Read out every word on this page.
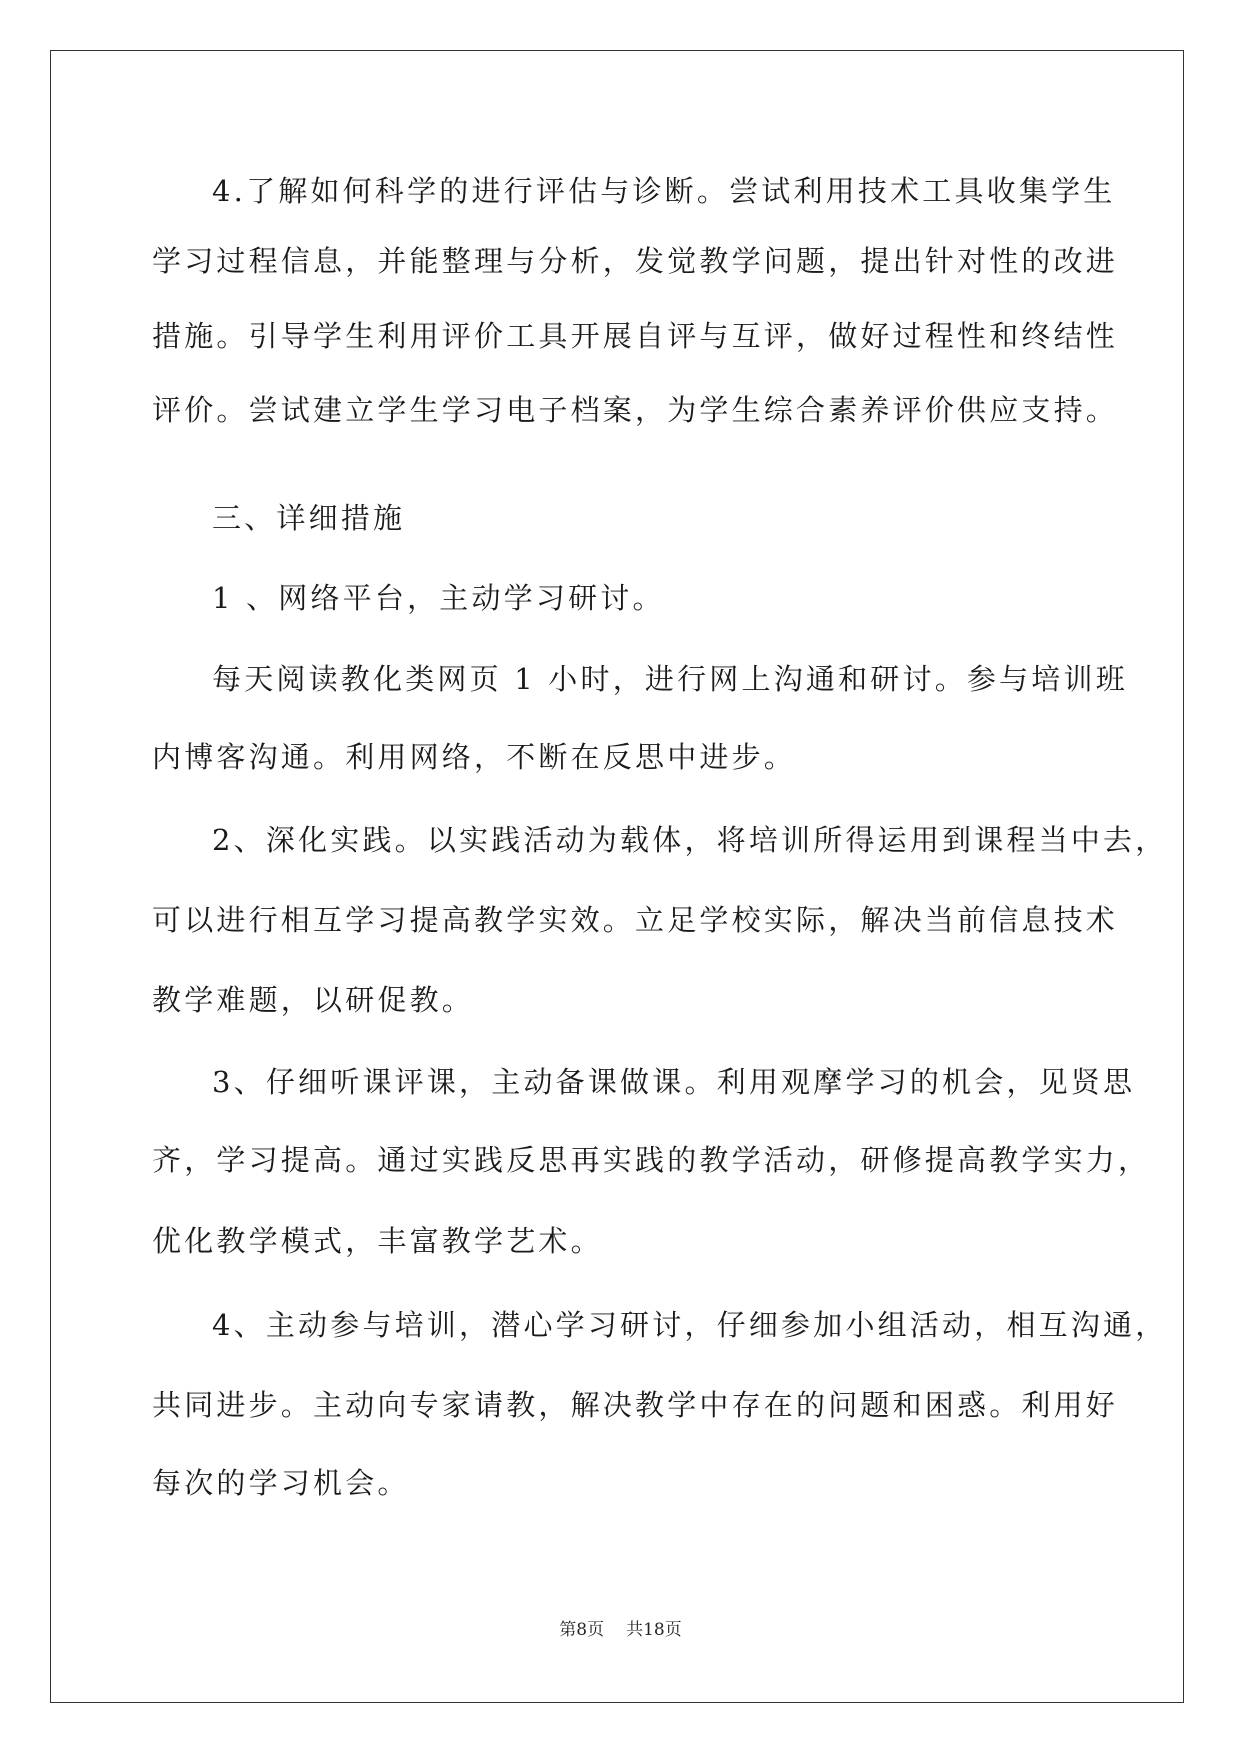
4.了解如何科学的进行评估与诊断。尝试利用技术工具收集学生
学习过程信息，并能整理与分析，发觉教学问题，提出针对性的改进
措施。引导学生利用评价工具开展自评与互评，做好过程性和终结性
评价。尝试建立学生学习电子档案，为学生综合素养评价供应支持。
三、详细措施
1 、网络平台，主动学习研讨。
每天阅读教化类网页 1 小时，进行网上沟通和研讨。参与培训班
内博客沟通。利用网络，不断在反思中进步。
2、深化实践。以实践活动为载体，将培训所得运用到课程当中去，
可以进行相互学习提高教学实效。立足学校实际，解决当前信息技术
教学难题，以研促教。
3、仔细听课评课，主动备课做课。利用观摩学习的机会，见贤思
齐，学习提高。通过实践反思再实践的教学活动，研修提高教学实力，
优化教学模式，丰富教学艺术。
4、主动参与培训，潜心学习研讨，仔细参加小组活动，相互沟通，
共同进步。主动向专家请教，解决教学中存在的问题和困惑。利用好
每次的学习机会。
第8页 共18页
